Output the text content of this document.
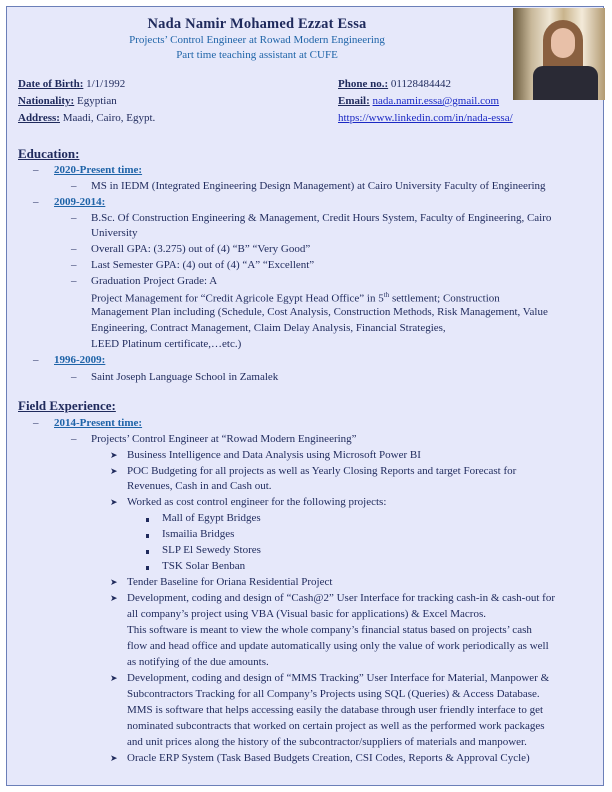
Nada Namir Mohamed Ezzat Essa
Projects’ Control Engineer at Rowad Modern Engineering
Part time teaching assistant at CUFE
Date of Birth: 1/1/1992
Nationality: Egyptian
Address: Maadi, Cairo, Egypt.
Phone no.: 01128484442
Email: nada.namir.essa@gmail.com
https://www.linkedin.com/in/nada-essa/
Education:
– 2020-Present time:
– MS in IEDM (Integrated Engineering Design Management) at Cairo University Faculty of Engineering
– 2009-2014:
– B.Sc. Of Construction Engineering & Management, Credit Hours System, Faculty of Engineering, Cairo
University
– Overall GPA: (3.275) out of (4) “B” “Very Good”
– Last Semester GPA: (4) out of (4) “A” “Excellent”
– Graduation Project Grade: A
Project Management for “Credit Agricole Egypt Head Office” in 5th settlement; Construction
Management Plan including (Schedule, Cost Analysis, Construction Methods, Risk Management, Value
Engineering, Contract Management, Claim Delay Analysis, Financial Strategies,
LEED Platinum certificate,…etc.)
– 1996-2009:
– Saint Joseph Language School in Zamalek
Field Experience:
– 2014-Present time:
– Projects’ Control Engineer at “Rowad Modern Engineering”
➤ Business Intelligence and Data Analysis using Microsoft Power BI
➤ POC Budgeting for all projects as well as Yearly Closing Reports and target Forecast for
Revenues, Cash in and Cash out.
➤ Worked as cost control engineer for the following projects:
Mall of Egypt Bridges
Ismailia Bridges
SLP El Sewedy Stores
TSK Solar Benban
➤ Tender Baseline for Oriana Residential Project
➤ Development, coding and design of “Cash@2” User Interface for tracking cash-in & cash-out for
all company’s project using VBA (Visual basic for applications) & Excel Macros.
This software is meant to view the whole company’s financial status based on projects’ cash
flow and head office and update automatically using only the value of work periodically as well
as notifying of the due amounts.
➤ Development, coding and design of “MMS Tracking” User Interface for Material, Manpower &
Subcontractors Tracking for all Company’s Projects using SQL (Queries) & Access Database.
MMS is software that helps accessing easily the database through user friendly interface to get
nominated subcontracts that worked on certain project as well as the performed work packages
and unit prices along the history of the subcontractor/suppliers of materials and manpower.
➤ Oracle ERP System (Task Based Budgets Creation, CSI Codes, Reports & Approval Cycle)
